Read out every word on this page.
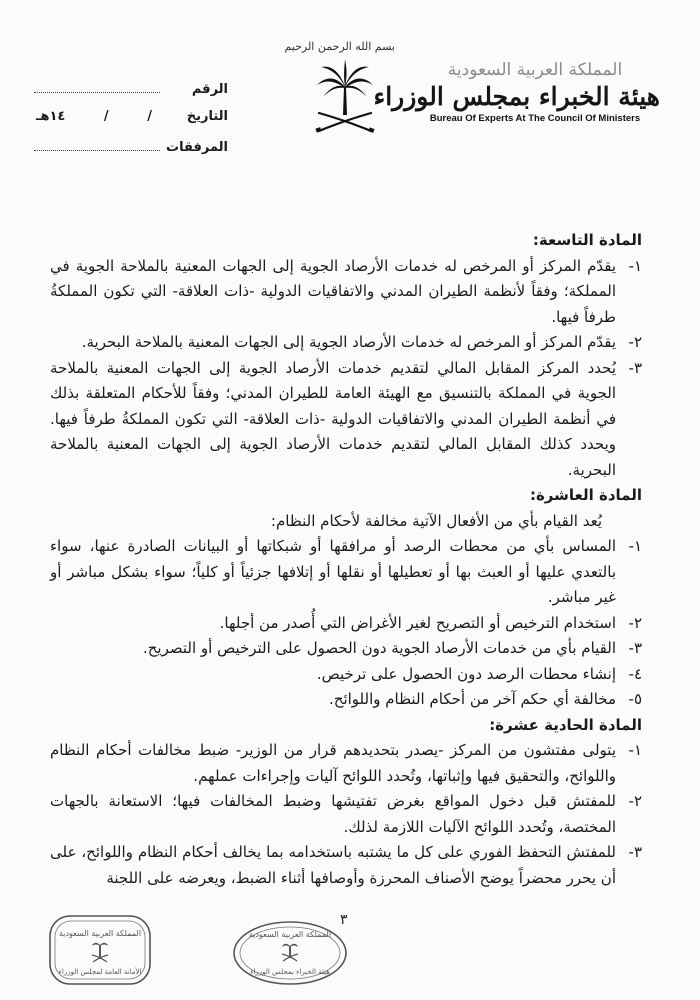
المملكة العربية السعودية
هيئة الخبراء بمجلس الوزراء
Bureau Of Experts At The Council Of Ministers
بسم الله الرحمن الرحيم
الرقم
التاريخ
/
/
١٤هـ
المرفقات

المادة التاسعة:

١-
يقدّم المركز أو المرخص له خدمات الأرصاد الجوية إلى الجهات المعنية بالملاحة الجوية في المملكة؛ وفقاً لأنظمة الطيران المدني والاتفاقيات الدولية -ذات العلاقة- التي تكون المملكةُ طرفاً فيها.
٢-
يقدّم المركز أو المرخص له خدمات الأرصاد الجوية إلى الجهات المعنية بالملاحة البحرية.
٣-
يُحدد المركز المقابل المالي لتقديم خدمات الأرصاد الجوية إلى الجهات المعنية بالملاحة الجوية في المملكة بالتنسيق مع الهيئة العامة للطيران المدني؛ وفقاً للأحكام المتعلقة بذلك في أنظمة الطيران المدني والاتفاقيات الدولية -ذات العلاقة- التي تكون المملكةُ طرفاً فيها. ويحدد كذلك المقابل المالي لتقديم خدمات الأرصاد الجوية إلى الجهات المعنية بالملاحة البحرية.

المادة العاشرة:

يُعد القيام بأي من الأفعال الآتية مخالفة لأحكام النظام:

١-
المساس بأي من محطات الرصد أو مرافقها أو شبكاتها أو البيانات الصادرة عنها، سواء بالتعدي عليها أو العبث بها أو تعطيلها أو نقلها أو إتلافها جزئياً أو كلياً؛ سواء بشكل مباشر أو غير مباشر.
٢-
استخدام الترخيص أو التصريح لغير الأغراض التي أُصدر من أجلها.
٣-
القيام بأي من خدمات الأرصاد الجوية دون الحصول على الترخيص أو التصريح.
٤-
إنشاء محطات الرصد دون الحصول على ترخيص.
٥-
مخالفة أي حكم آخر من أحكام النظام واللوائح.

المادة الحادية عشرة:

١-
يتولى مفتشون من المركز -يصدر بتحديدهم قرار من الوزير- ضبط مخالفات أحكام النظام واللوائح، والتحقيق فيها وإثباتها، وتُحدد اللوائح آليات وإجراءات عملهم.
٢-
للمفتش قبل دخول المواقع بغرض تفتيشها وضبط المخالفات فيها؛ الاستعانة بالجهات المختصة، وتُحدد اللوائح الآليات اللازمة لذلك.
٣-
للمفتش التحفظ الفوري على كل ما يشتبه باستخدامه بما يخالف أحكام النظام واللوائح، على أن يحرر محضراً يوضح الأصناف المحرزة وأوصافها أثناء الضبط، ويعرضه على اللجنة
٣
المملكة العربية السعودية
الأمانة العامة لمجلس الوزراء
المملكة العربية السعودية
هيئة الخبراء بمجلس الوزراء
